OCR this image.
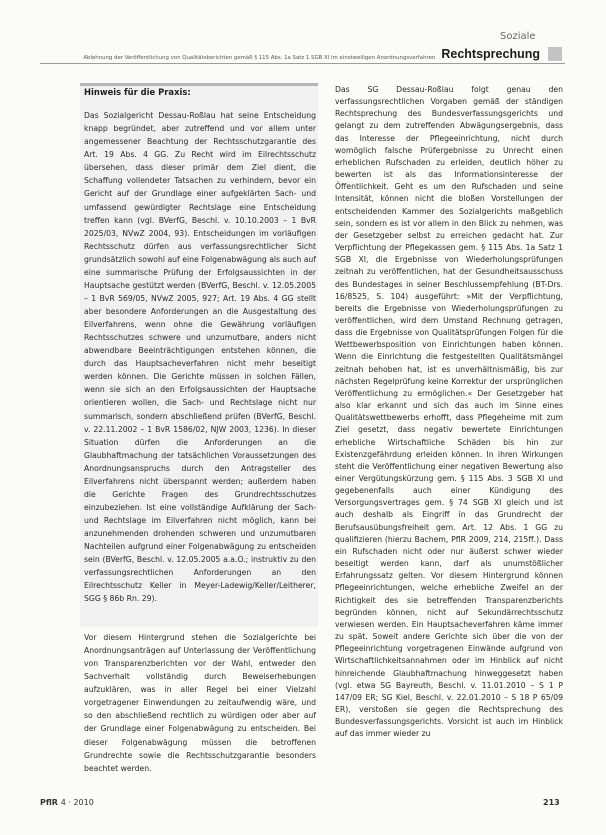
Soziale
Ablehnung der Veröffentlichung von Qualitätsberichten gemäß § 115 Abs. 1a Satz 1 SGB XI im einstweiligen Anordnungsverfahren Rechtsprechung
Hinweis für die Praxis:

Das Sozialgericht Dessau-Roßlau hat seine Entscheidung knapp begründet, aber zutreffend und vor allem unter angemessener Beachtung der Rechtsschutzgarantie des Art. 19 Abs. 4 GG. Zu Recht wird im Eilrechtsschutz übersehen, dass dieser primär dem Ziel dient, die Schaffung vollendeter Tatsachen zu verhindern, bevor ein Gericht auf der Grundlage einer aufgeklärten Sach- und umfassend gewürdigter Rechtslage eine Entscheidung treffen kann (vgl. BVerfG, Beschl. v. 10.10.2003 – 1 BvR 2025/03, NVwZ 2004, 93). Entscheidungen im vorläufigen Rechtsschutz dürfen aus verfassungsrechtlicher Sicht grundsätzlich sowohl auf eine Folgenabwägung als auch auf eine summarische Prüfung der Erfolgsaussichten in der Hauptsache gestützt werden (BVerfG, Beschl. v. 12.05.2005 – 1 BvR 569/05, NVwZ 2005, 927; Art. 19 Abs. 4 GG stellt aber besondere Anforderungen an die Ausgestaltung des Eilverfahrens, wenn ohne die Gewährung vorläufigen Rechtsschutzes schwere und unzumutbare, anders nicht abwendbare Beeinträchtigungen entstehen können, die durch das Hauptsacheverfahren nicht mehr beseitigt werden können. Die Gerichte müssen in solchen Fällen, wenn sie sich an den Erfolgsaussichten der Hauptsache orientieren wollen, die Sach- und Rechtslage nicht nur summarisch, sondern abschließend prüfen (BVerfG, Beschl. v. 22.11.2002 – 1 BvR 1586/02, NJW 2003, 1236). In dieser Situation dürfen die Anforderungen an die Glaubhaftmachung der tatsächlichen Voraussetzungen des Anordnungsanspruchs durch den Antragsteller des Eilverfahrens nicht überspannt werden; außerdem haben die Gerichte Fragen des Grundrechtsschutzes einzubeziehen. Ist eine vollständige Aufklärung der Sach- und Rechtslage im Eilverfahren nicht möglich, kann bei anzunehmenden drohenden schweren und unzumutbaren Nachteilen aufgrund einer Folgenabwägung zu entscheiden sein (BVerfG, Beschl. v. 12.05.2005 a.a.O.; instruktiv zu den verfassungsrechtlichen Anforderungen an den Eilrechtsschutz Keller in Meyer-Ladewig/Keller/Leitherer, SGG § 86b Rn. 29).

Vor diesem Hintergrund stehen die Sozialgerichte bei Anordnungsanträgen auf Unterlassung der Veröffentlichung von Transparenzberichten vor der Wahl, entweder den Sachverhalt vollständig durch Beweiserhebungen aufzuklären, was in aller Regel bei einer Vielzahl vorgetragener Einwendungen zu zeitaufwendig wäre, und so den abschließend rechtlich zu würdigen oder aber auf der Grundlage einer Folgenabwägung zu entscheiden. Bei dieser Folgenabwägung müssen die betroffenen Grundrechte sowie die Rechtsschutzgarantie besonders beachtet werden.
Das SG Dessau-Roßlau folgt genau den verfassungsrechtlichen Vorgaben gemäß der ständigen Rechtsprechung des Bundesverfassungsgerichts und gelangt zu dem zutreffenden Abwägungsergebnis, dass das Interesse der Pflegeeinrichtung, nicht durch womöglich falsche Prüfergebnisse zu Unrecht einen erheblichen Rufschaden zu erleiden, deutlich höher zu bewerten ist als das Informationsinteresse der Öffentlichkeit. Geht es um den Rufschaden und seine Intensität, können nicht die bloßen Vorstellungen der entscheidenden Kammer des Sozialgerichts maßgeblich sein, sondern es ist vor allem in den Blick zu nehmen, was der Gesetzgeber selbst zu erreichen gedacht hat. Zur Verpflichtung der Pflegekassen gem. § 115 Abs. 1a Satz 1 SGB XI, die Ergebnisse von Wiederholungsprüfungen zeitnah zu veröffentlichen, hat der Gesundheitsausschuss des Bundestages in seiner Beschlussempfehlung (BT-Drs. 16/8525, S. 104) ausgeführt: »Mit der Verpflichtung, bereits die Ergebnisse von Wiederholungsprüfungen zu veröffentlichen, wird dem Umstand Rechnung getragen, dass die Ergebnisse von Qualitätsprüfungen Folgen für die Wettbewerbsposition von Einrichtungen haben können. Wenn die Einrichtung die festgestellten Qualitätsmängel zeitnah behoben hat, ist es unverhältnismäßig, bis zur nächsten Regelprüfung keine Korrektur der ursprünglichen Veröffentlichung zu ermöglichen.« Der Gesetzgeber hat also klar erkannt und sich das auch im Sinne eines Qualitätswettbewerbs erhofft, dass Pflegeheime mit zum Ziel gesetzt, dass negativ bewertete Einrichtungen erhebliche Wirtschaftliche Schäden bis hin zur Existenzgefährdung erleiden können. In ihren Wirkungen steht die Veröffentlichung einer negativen Bewertung also einer Vergütungskürzung gem. § 115 Abs. 3 SGB XI und gegebenenfalls auch einer Kündigung des Versorgungsvertrages gem. § 74 SGB XI gleich und ist auch deshalb als Eingriff in das Grundrecht der Berufsausübungsfreiheit gem. Art. 12 Abs. 1 GG zu qualifizieren (hierzu Bachem, PflR 2009, 214, 215ff.). Dass ein Rufschaden nicht oder nur äußerst schwer wieder beseitigt werden kann, darf als unumstößlicher Erfahrungssatz gelten. Vor diesem Hintergrund können Pflegeeinrichtungen, welche erhebliche Zweifel an der Richtigkeit des sie betreffenden Transparenzberichts begründen können, nicht auf Sekundärrechtsschutz verwiesen werden. Ein Hauptsacheverfahren käme immer zu spät. Soweit andere Gerichte sich über die von der Pflegeeinrichtung vorgetragenen Einwände aufgrund von Wirtschaftlichkeitsannahmen oder im Hinblick auf nicht hinreichende Glaubhaftmachung hinweggesetzt haben (vgl. etwa SG Bayreuth, Beschl. v. 11.01.2010 – S 1 P 147/09 ER; SG Kiel, Beschl. v. 22.01.2010 – S 18 P 65/09 ER), verstoßen sie gegen die Rechtsprechung des Bundesverfassungsgerichts. Vorsicht ist auch im Hinblick auf das immer wieder zu
PflR 4 · 2010	213
